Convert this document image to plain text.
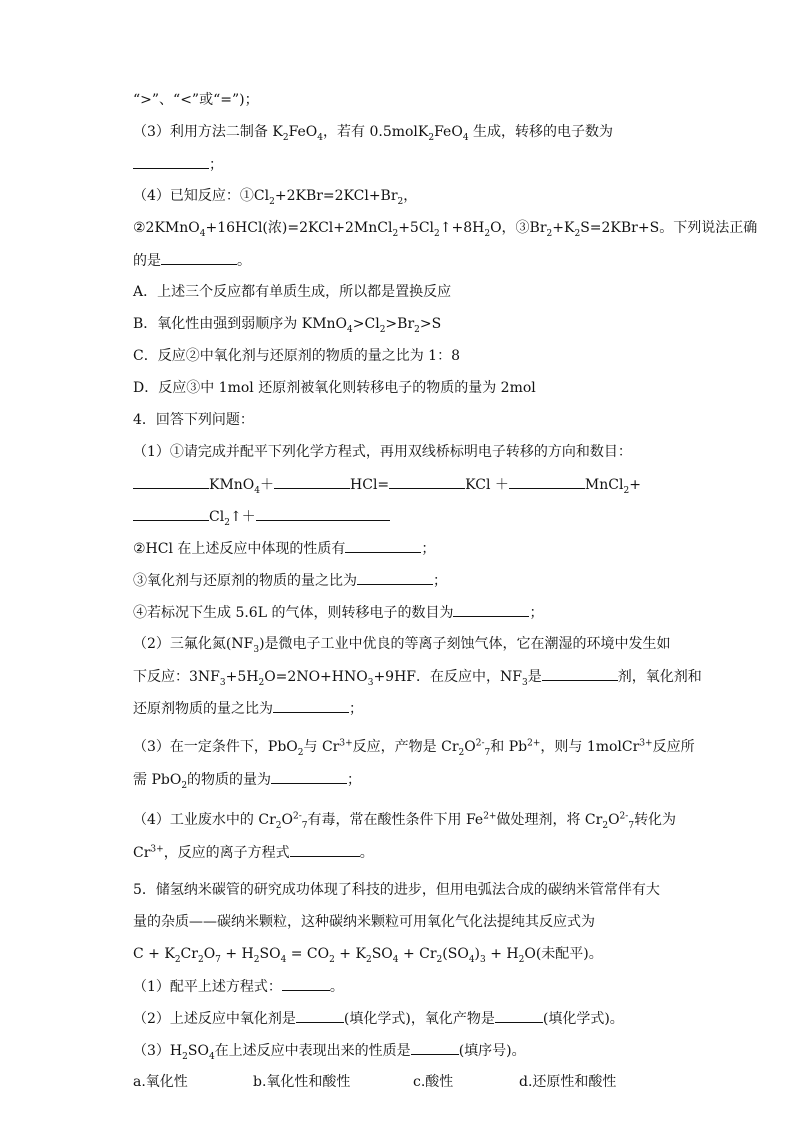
“>”、“<”或“=”)；
（3）利用方法二制备 $K_2FeO_4$，若有 0.5molK$_2$FeO$_4$ 生成，转移的电子数为
；
（4）已知反应：$①Cl_2+2KBr=2KCl+Br_2$，
②2KMnO$_4$+16HCl(浓)$=2KCl+2MnCl_2+5Cl_2↑+8H_2O$，$③Br_2+K_2S=2KBr+S$。下列说法正确
的是	。
A．上述三个反应都有单质生成，所以都是置换反应
B．氧化性由强到弱顺序为 $KMnO_4>Cl_2>Br_2>S$
C．反应②中氧化剂与还原剂的物质的量之比为 1：8
D．反应③中 1mol 还原剂被氧化则转移电子的物质的量为 2mol
4．回答下列问题：
（1）①请完成并配平下列化学方程式，再用双线桥标明电子转移的方向和数目：
KMnO$_4$＋	HCl=	KCl ＋	MnCl$_2$+
$Cl_2↑+$
②HCl 在上述反应中体现的性质有	；
③氧化剂与还原剂的物质的量之比为	；
④若标况下生成 5.6L 的气体，则转移电子的数目为	；
（2）三氟化氮$(NF_3)$是微电子工业中优良的等离子刻蚀气体，它在潮湿的环境中发生如
下反应：$3NF_3+5H_2O=2NO+HNO_3+9HF$．在反应中，$NF_3$是	剂，氧化剂和
还原剂物质的量之比为	；
（3）在一定条件下，PbO$_2$与 $Cr^{3+}$反应，产物是 $Cr_2O^{2-}_7$和 $Pb^{2+}$，则与 1molCr$^{3+}$反应所
需 PbO$_2$的物质的量为	；
（4）工业废水中的 $Cr_2O^{2-}_7$有毒，常在酸性条件下用 $Fe^{2+}$做处理剂，将 $Cr_2O^{2-}_7$转化为
$Cr^{3+}$，反应的离子方程式	。
5．储氢纳米碳管的研究成功体现了科技的进步，但用电弧法合成的碳纳米管常伴有大
量的杂质——碳纳米颗粒，这种碳纳米颗粒可用氧化气化法提纯其反应式为
$C + K_2Cr_2O_7 + H_2SO_4 = CO_2 + K_2SO_4 + Cr_2(SO_4)_3 + H_2O$(未配平)。
（1）配平上述方程式：	。
（2）上述反应中氧化剂是	(填化学式)，氧化产物是	(填化学式)。
$(3)H_2SO_4$在上述反应中表现出来的性质是	(填序号)。
a.氧化性	b.氧化性和酸性	c.酸性	d.还原性和酸性
